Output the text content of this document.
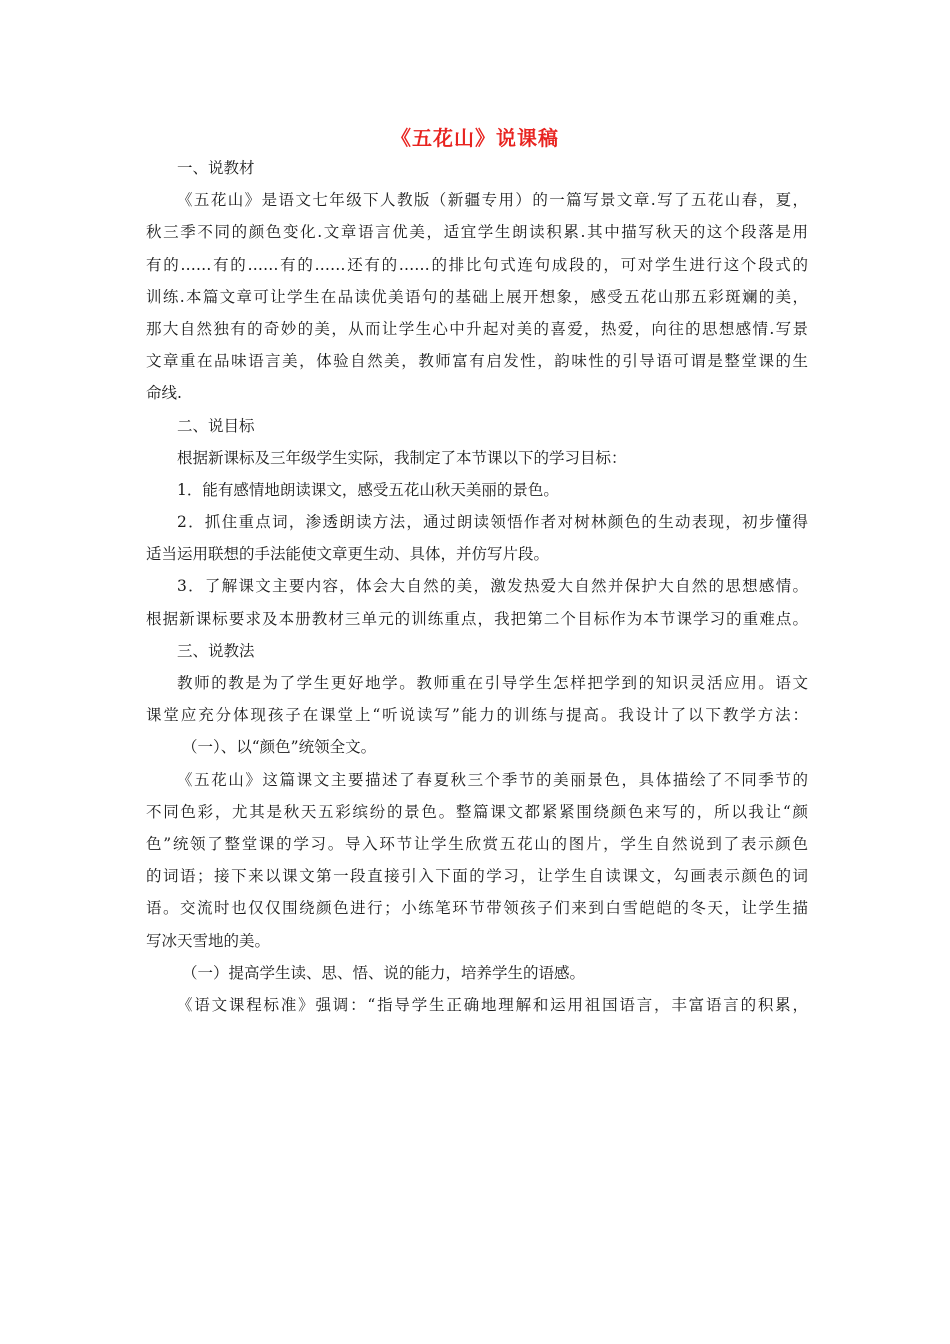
《五花山》说课稿
一、说教材
《五花山》是语文七年级下人教版（新疆专用）的一篇写景文章.写了五花山春，夏，
秋三季不同的颜色变化.文章语言优美，适宜学生朗读积累.其中描写秋天的这个段落是用
有的……有的……有的……还有的……的排比句式连句成段的，可对学生进行这个段式的
训练.本篇文章可让学生在品读优美语句的基础上展开想象，感受五花山那五彩斑斓的美，
那大自然独有的奇妙的美，从而让学生心中升起对美的喜爱，热爱，向往的思想感情.写景
文章重在品味语言美，体验自然美，教师富有启发性，韵味性的引导语可谓是整堂课的生
命线.
二、说目标
根据新课标及三年级学生实际，我制定了本节课以下的学习目标：
1．能有感情地朗读课文，感受五花山秋天美丽的景色。
2．抓住重点词，渗透朗读方法，通过朗读领悟作者对树林颜色的生动表现，初步懂得
适当运用联想的手法能使文章更生动、具体，并仿写片段。
3．了解课文主要内容，体会大自然的美，激发热爱大自然并保护大自然的思想感情。
根据新课标要求及本册教材三单元的训练重点，我把第二个目标作为本节课学习的重难点。
三、说教法
教师的教是为了学生更好地学。教师重在引导学生怎样把学到的知识灵活应用。语文
课堂应充分体现孩子在课堂上“听说读写”能力的训练与提高。我设计了以下教学方法：
（一）、以“颜色”统领全文。
《五花山》这篇课文主要描述了春夏秋三个季节的美丽景色，具体描绘了不同季节的
不同色彩，尤其是秋天五彩缤纷的景色。整篇课文都紧紧围绕颜色来写的，所以我让“颜
色”统领了整堂课的学习。导入环节让学生欣赏五花山的图片，学生自然说到了表示颜色
的词语；接下来以课文第一段直接引入下面的学习，让学生自读课文，勾画表示颜色的词
语。交流时也仅仅围绕颜色进行；小练笔环节带领孩子们来到白雪皑皑的冬天，让学生描
写冰天雪地的美。
（一）提高学生读、思、悟、说的能力，培养学生的语感。
《语文课程标准》强调：“指导学生正确地理解和运用祖国语言，丰富语言的积累，
